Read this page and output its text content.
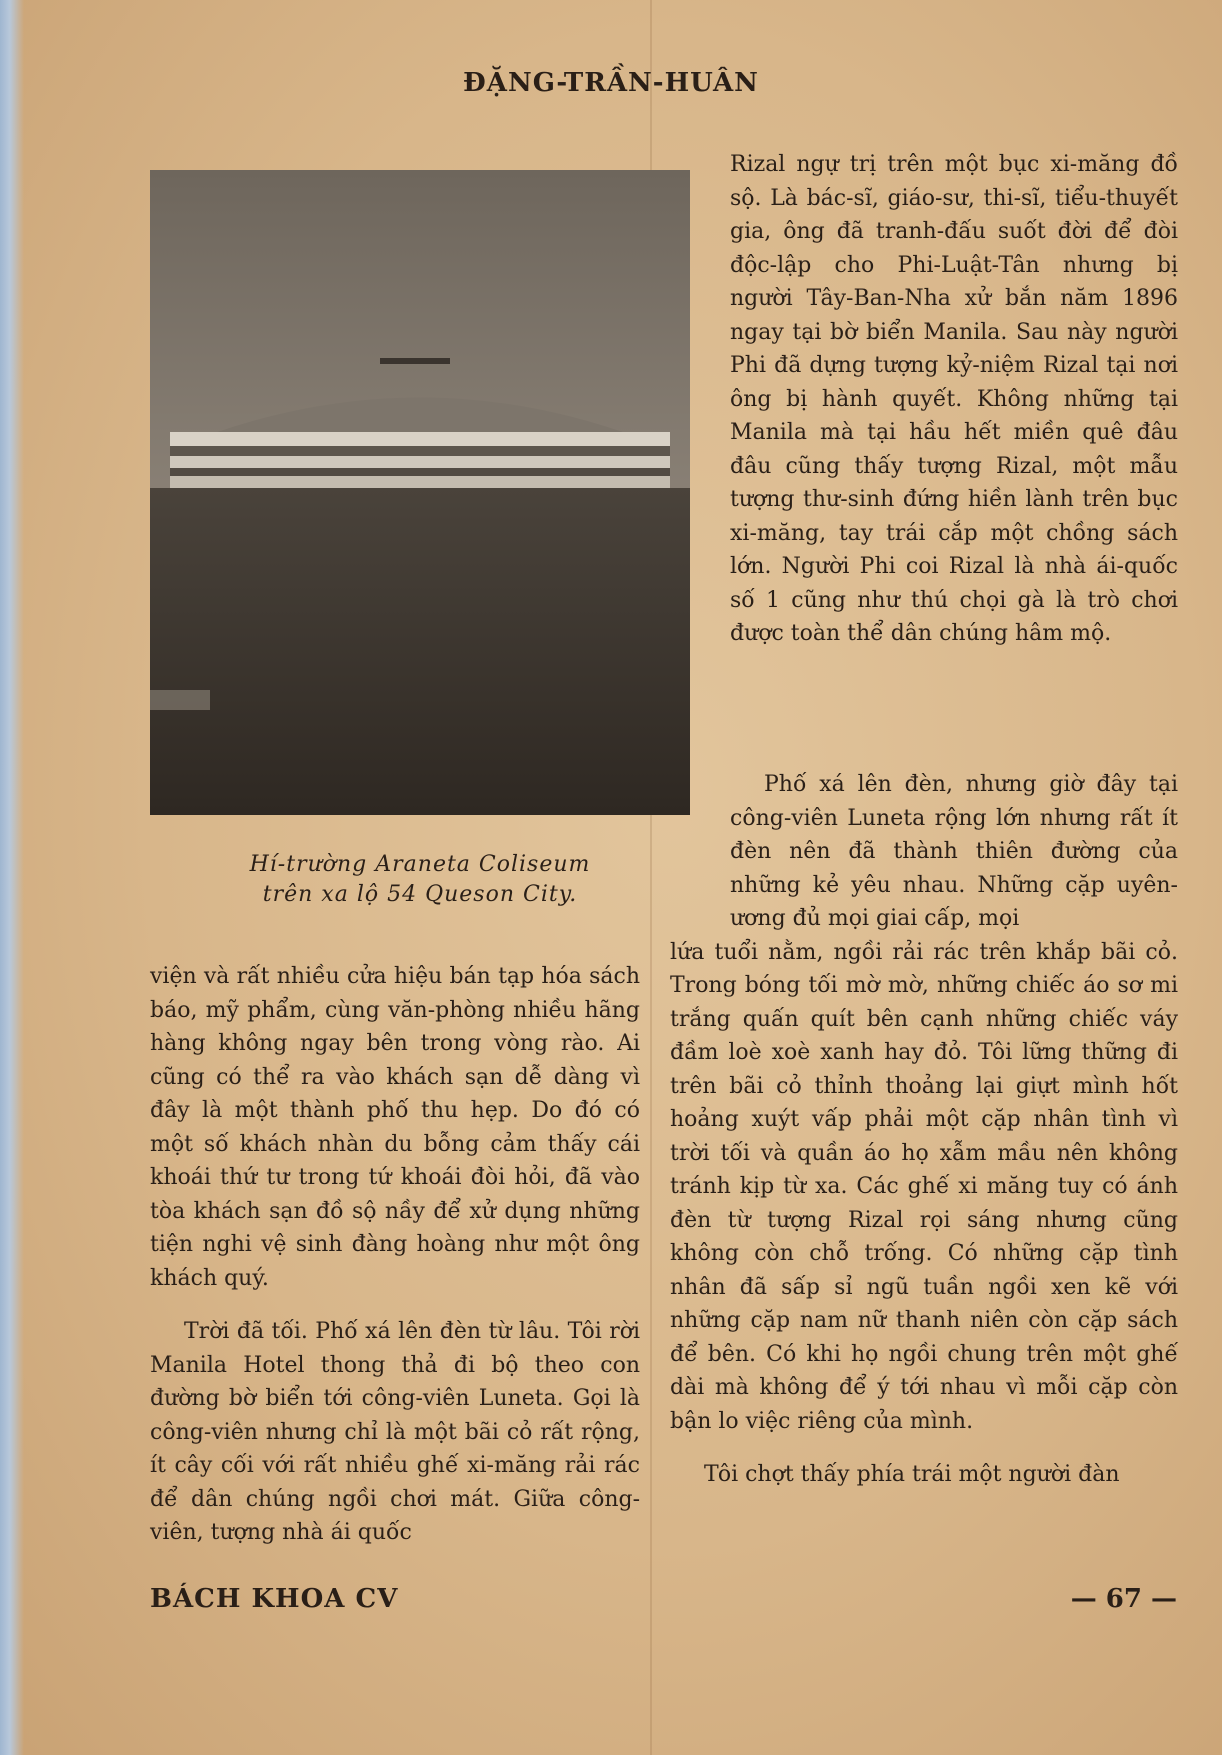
ĐẶNG-TRẦN-HUÂN
Hí-trường Araneta Coliseum
trên xa lộ 54 Queson City.

Rizal ngự trị trên một bục xi-măng đồ sộ. Là bác-sĩ, giáo-sư, thi-sĩ, tiểu-thuyết gia, ông đã tranh-đấu suốt đời để đòi độc-lập cho Phi-Luật-Tân nhưng bị người Tây-Ban-Nha xử bắn năm 1896 ngay tại bờ biển Manila. Sau này người Phi đã dựng tượng kỷ-niệm Rizal tại nơi ông bị hành quyết. Không những tại Manila mà tại hầu hết miền quê đâu đâu cũng thấy tượng Rizal, một mẫu tượng thư-sinh đứng hiền lành trên bục xi-măng, tay trái cắp một chồng sách lớn. Người Phi coi Rizal là nhà ái-quốc số 1 cũng như thú chọi gà là trò chơi được toàn thể dân chúng hâm mộ.

Phố xá lên đèn, nhưng giờ đây tại công-viên Luneta rộng lớn nhưng rất ít đèn nên đã thành thiên đường của những kẻ yêu nhau. Những cặp uyên-ương đủ mọi giai cấp, mọi

lứa tuổi nằm, ngồi rải rác trên khắp bãi cỏ. Trong bóng tối mờ mờ, những chiếc áo sơ mi trắng quấn quít bên cạnh những chiếc váy đầm loè xoè xanh hay đỏ. Tôi lững thững đi trên bãi cỏ thỉnh thoảng lại giựt mình hốt hoảng xuýt vấp phải một cặp nhân tình vì trời tối và quần áo họ xẫm mầu nên không tránh kịp từ xa. Các ghế xi măng tuy có ánh đèn từ tượng Rizal rọi sáng nhưng cũng không còn chỗ trống. Có những cặp tình nhân đã sấp sỉ ngũ tuần ngồi xen kẽ với những cặp nam nữ thanh niên còn cặp sách để bên. Có khi họ ngồi chung trên một ghế dài mà không để ý tới nhau vì mỗi cặp còn bận lo việc riêng của mình.

Tôi chợt thấy phía trái một người đàn

viện và rất nhiều cửa hiệu bán tạp hóa sách báo, mỹ phẩm, cùng văn-phòng nhiều hãng hàng không ngay bên trong vòng rào. Ai cũng có thể ra vào khách sạn dễ dàng vì đây là một thành phố thu hẹp. Do đó có một số khách nhàn du bỗng cảm thấy cái khoái thứ tư trong tứ khoái đòi hỏi, đã vào tòa khách sạn đồ sộ nầy để xử dụng những tiện nghi vệ sinh đàng hoàng như một ông khách quý.

Trời đã tối. Phố xá lên đèn từ lâu. Tôi rời Manila Hotel thong thả đi bộ theo con đường bờ biển tới công-viên Luneta. Gọi là công-viên nhưng chỉ là một bãi cỏ rất rộng, ít cây cối với rất nhiều ghế xi-măng rải rác để dân chúng ngồi chơi mát. Giữa công-viên, tượng nhà ái quốc

BÁCH KHOA CV	— 67 —
